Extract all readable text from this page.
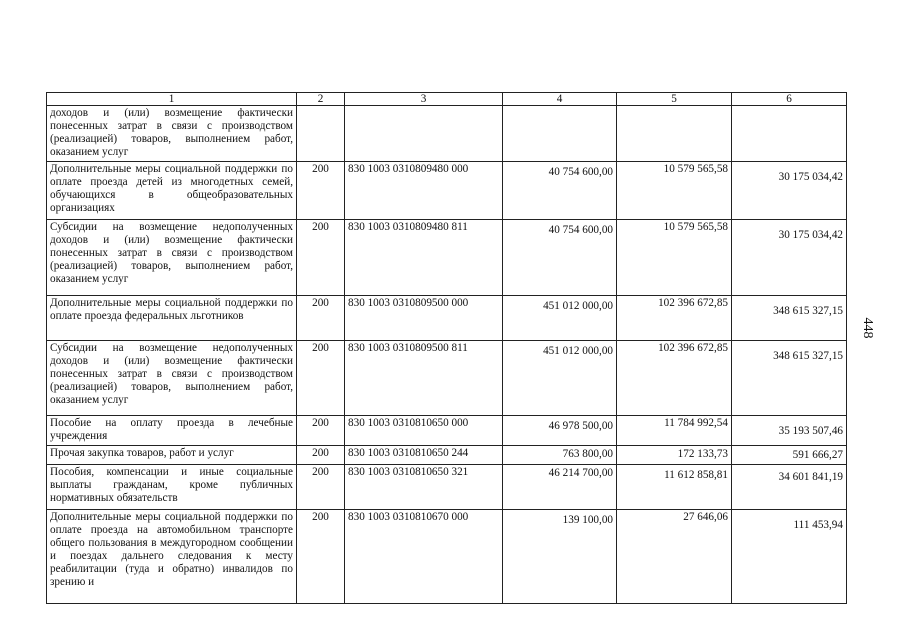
1	2	3	4	5	6
доходов и (или) возмещение фактически понесенных затрат в связи с производством (реализацией) товаров, выполнением работ, оказанием услуг					
Дополнительные меры социальной поддержки по оплате проезда детей из многодетных семей, обучающихся в общеобразовательных организациях	200	830 1003 0310809480 000	40 754 600,00	10 579 565,58	30 175 034,42
Субсидии на возмещение недополученных доходов и (или) возмещение фактически понесенных затрат в связи с производством (реализацией) товаров, выполнением работ, оказанием услуг	200	830 1003 0310809480 811	40 754 600,00	10 579 565,58	30 175 034,42
Дополнительные меры социальной поддержки по оплате проезда федеральных льготников	200	830 1003 0310809500 000	451 012 000,00	102 396 672,85	348 615 327,15
Субсидии на возмещение недополученных доходов и (или) возмещение фактически понесенных затрат в связи с производством (реализацией) товаров, выполнением работ, оказанием услуг	200	830 1003 0310809500 811	451 012 000,00	102 396 672,85	348 615 327,15
Пособие на оплату проезда в лечебные учреждения	200	830 1003 0310810650 000	46 978 500,00	11 784 992,54	35 193 507,46
Прочая закупка товаров, работ и услуг	200	830 1003 0310810650 244	763 800,00	172 133,73	591 666,27
Пособия, компенсации и иные социальные выплаты гражданам, кроме публичных нормативных обязательств	200	830 1003 0310810650 321	46 214 700,00	11 612 858,81	34 601 841,19
Дополнительные меры социальной поддержки по оплате проезда на автомобильном транспорте общего пользования в междугородном сообщении и поездах дальнего следования к месту реабилитации (туда и обратно) инвалидов по зрению и	200	830 1003 0310810670 000	139 100,00	27 646,06	111 453,94
448
